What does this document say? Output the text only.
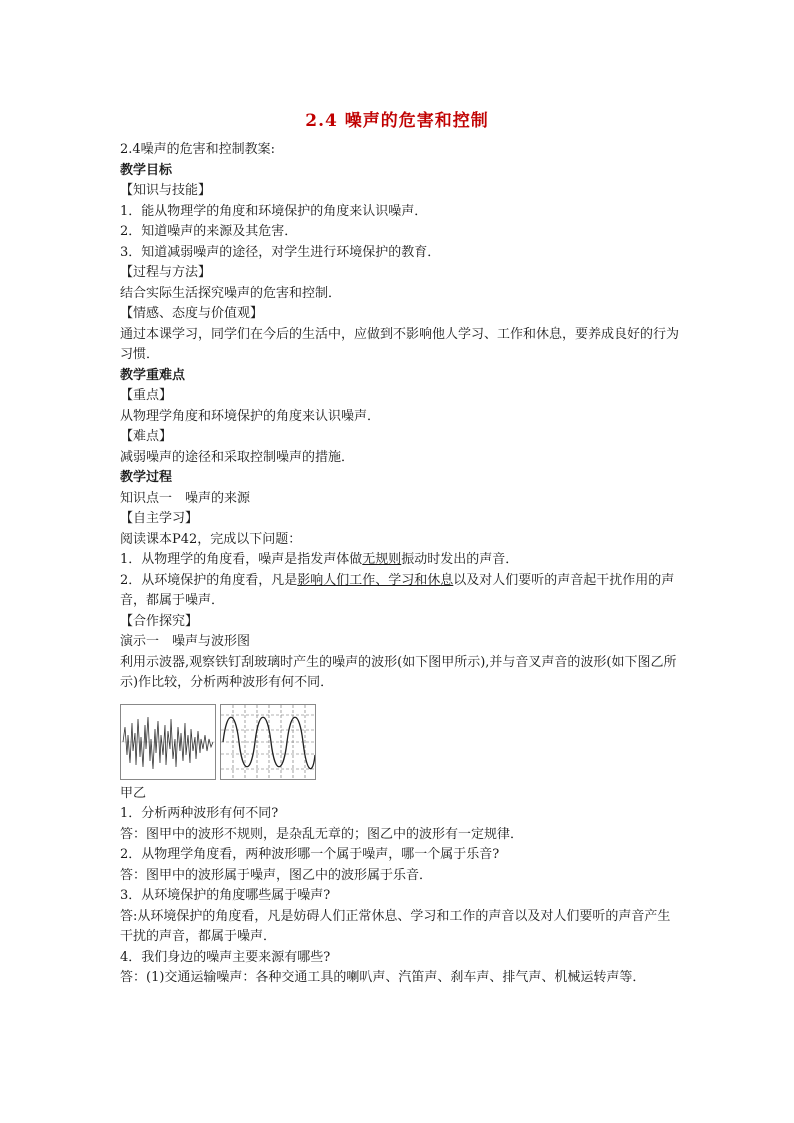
2.4 噪声的危害和控制
2.4噪声的危害和控制教案:
教学目标
【知识与技能】
1．能从物理学的角度和环境保护的角度来认识噪声．
2．知道噪声的来源及其危害．
3．知道减弱噪声的途径，对学生进行环境保护的教育．
【过程与方法】
结合实际生活探究噪声的危害和控制．
【情感、态度与价值观】
通过本课学习，同学们在今后的生活中，应做到不影响他人学习、工作和休息，要养成良好的行为习惯．
教学重难点
【重点】
从物理学角度和环境保护的角度来认识噪声．
【难点】
减弱噪声的途径和采取控制噪声的措施．
教学过程
知识点一　噪声的来源
【自主学习】
阅读课本P42，完成以下问题：
1．从物理学的角度看，噪声是指发声体做无规则振动时发出的声音．
2．从环境保护的角度看，凡是影响人们工作、学习和休息以及对人们要听的声音起干扰作用的声音，都属于噪声．
【合作探究】
演示一　噪声与波形图
利用示波器,观察铁钉刮玻璃时产生的噪声的波形(如下图甲所示),并与音叉声音的波形(如下图乙所示)作比较，分析两种波形有何不同．
甲乙
1．分析两种波形有何不同?
答：图甲中的波形不规则，是杂乱无章的；图乙中的波形有一定规律．
2．从物理学角度看，两种波形哪一个属于噪声，哪一个属于乐音?
答：图甲中的波形属于噪声，图乙中的波形属于乐音．
3．从环境保护的角度哪些属于噪声?
答:从环境保护的角度看，凡是妨碍人们正常休息、学习和工作的声音以及对人们要听的声音产生干扰的声音，都属于噪声．
4．我们身边的噪声主要来源有哪些?
答：(1)交通运输噪声：各种交通工具的喇叭声、汽笛声、刹车声、排气声、机械运转声等．
